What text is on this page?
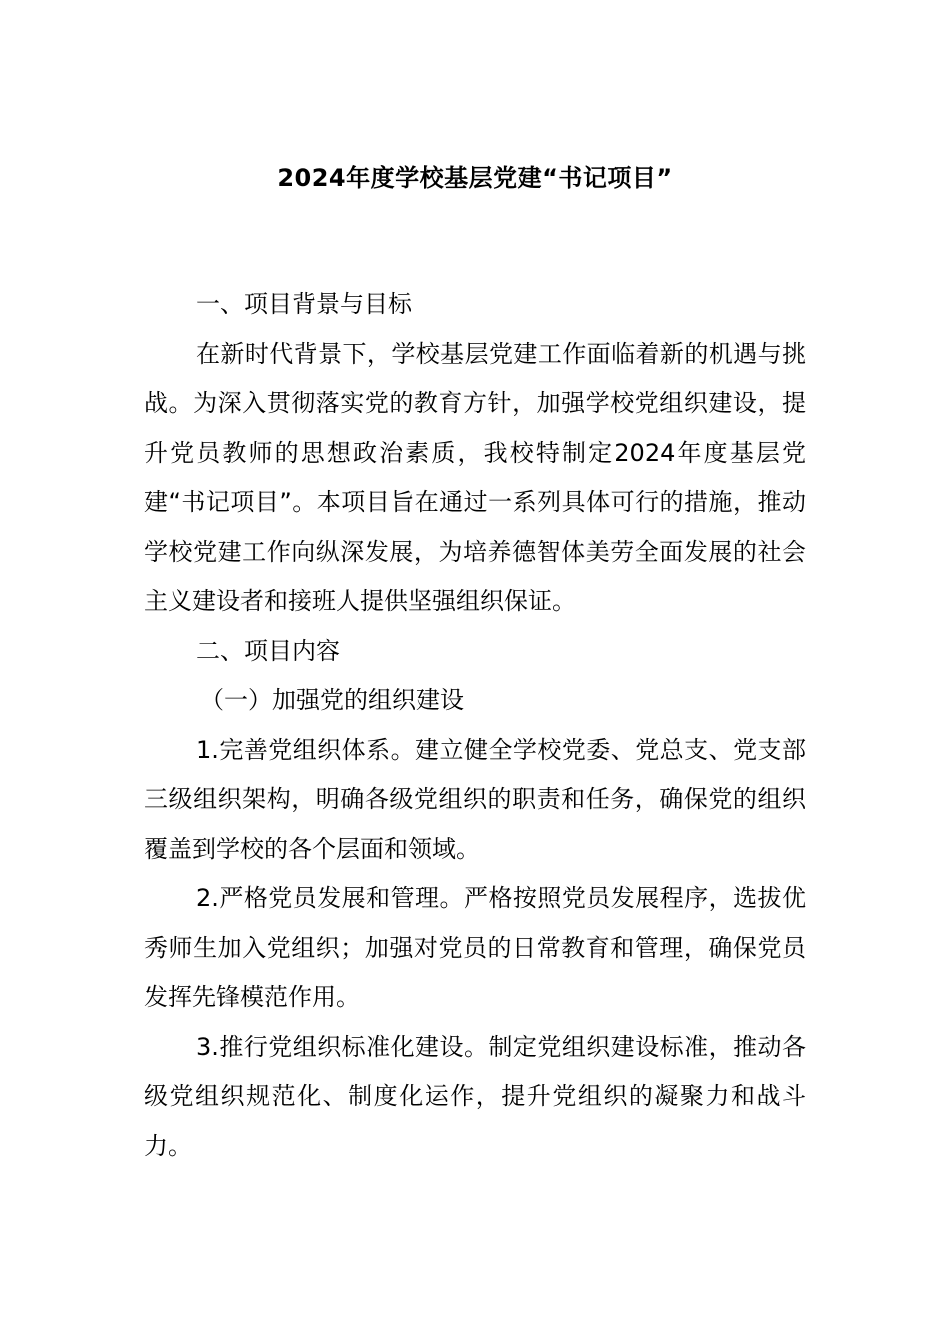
2024年度学校基层党建“书记项目”

一、项目背景与目标

在新时代背景下，学校基层党建工作面临着新的机遇与挑战。为深入贯彻落实党的教育方针，加强学校党组织建设，提升党员教师的思想政治素质，我校特制定2024年度基层党建“书记项目”。本项目旨在通过一系列具体可行的措施，推动学校党建工作向纵深发展，为培养德智体美劳全面发展的社会主义建设者和接班人提供坚强组织保证。

二、项目内容

（一）加强党的组织建设

1.完善党组织体系。建立健全学校党委、党总支、党支部三级组织架构，明确各级党组织的职责和任务，确保党的组织覆盖到学校的各个层面和领域。

2.严格党员发展和管理。严格按照党员发展程序，选拔优秀师生加入党组织；加强对党员的日常教育和管理，确保党员发挥先锋模范作用。

3.推行党组织标准化建设。制定党组织建设标准，推动各级党组织规范化、制度化运作，提升党组织的凝聚力和战斗力。
